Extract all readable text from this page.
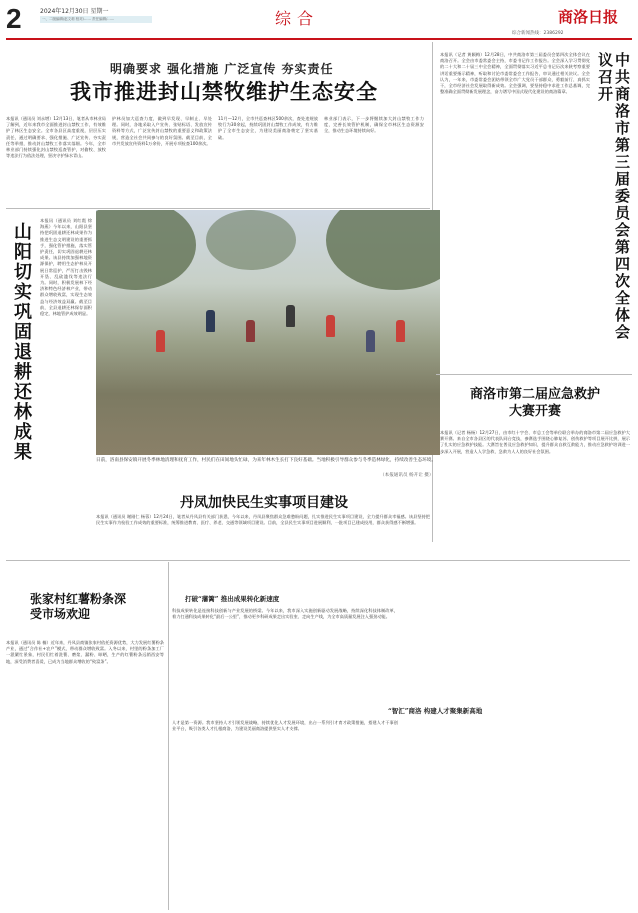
2	2024年12月30日 星期一
一、二版编辑/赵文莉 校对/…… 责任编辑/……	综合	商洛日报
综合新闻热线：2386292
明确要求 强化措施 广泛宣传 夯实责任
我市推进封山禁牧维护生态安全
本报讯（通讯员 刘永增）12月13日，笔者从市林业局了解到，近年来我市全面推进封山禁牧工作，有效维护了林区生态安全。全市各县区高度重视，层层压实责任，通过明确要求、强化措施、广泛宣传、夯实责任等举措，推动封山禁牧工作落实落细。今年，全市林业部门持续强化封山禁牧巡查管护，对偷牧、放牧等违法行为依法处理，坚决守护绿水青山。
护林员加大巡查力度，做到早发现、早制止、早处理。同时，各地采取入户宣传、张贴标语、发放宣传资料等方式，广泛宣传封山禁牧的重要意义和政策法规，营造全社会共同参与的良好氛围。截至目前，全市共发放宣传资料1万余份，开展专项检查100余次。
11月—12月，全市共巡查林区500余次，查处违规放牧行为30余起，持续巩固封山禁牧工作成效，有力维护了全市生态安全，为建设美丽商洛奠定了坚实基础。
林业部门表示，下一步将继续加大封山禁牧工作力度，完善长效管护机制，确保全市林区生态资源安全，推动生态环境持续向好。
山阳切实巩固退耕还林成果
本报讯（通讯员 刘红霞 徐海燕）今年以来，山阳县坚持把巩固退耕还林成果作为推进生态文明建设的重要抓手，强化管护措施，落实管护责任，切实巩固退耕还林成果。该县持续加强林地资源保护，聘用生态护林员开展日常巡护，严厉打击毁林开垦、乱砍滥伐等违法行为。同时，积极发展林下经济和特色经济林产业，带动群众增收致富，实现生态效益与经济效益双赢。截至目前，全县退耕还林保存面积稳定，林地管护成效明显。
日前，洛南县保安镇开展冬季林地清理和抚育工作，村民们在田间地头忙碌，为来年林木生长打下良好基础。当地积极引导群众参与冬季造林绿化，持续改善生态环境。
（本报通讯员 杨开让 摄）
丹凤加快民生实事项目建设
本报讯（通讯员 谢刚仁 杨蓉）12月24日，笔者从丹凤县有关部门获悉，今年以来，丹凤县聚焦群众急难愁盼问题，扎实推进民生实事项目建设，全力提升群众幸福感。该县坚持把民生实事作为检验工作成效的重要标准，统筹推进教育、医疗、养老、交通等领域项目建设。目前，全县民生实事项目进展顺利，一批项目已建成投用，群众获得感不断增强。
张家村红薯粉条深受市场欢迎
本报讯（通讯员 陈 楠）近年来，丹凤县商镇张家村依托资源优势，大力发展红薯粉条产业，通过“合作社+农户”模式，带动群众增收致富。入冬以来，村里的粉条加工厂一派繁忙景象，村民们忙着洗薯、磨浆、漏粉、晾晒，生产的红薯粉条远销西安等地，深受消费者喜爱，已成为当地群众增收的“致富条”。
打破“藩篱” 推出成果转化新速度
科技成果转化是连接科技创新与产业发展的桥梁。今年以来，我市深入实施创新驱动发展战略，持续深化科技体制改革，着力打通科技成果转化“最后一公里”，推动更多科研成果走出实验室、走向生产线，为全市高质量发展注入强劲动能。
“智汇”商洛 构建人才聚集新高地
人才是第一资源。我市坚持人才引领发展战略，持续优化人才发展环境，出台一系列引才育才政策措施，搭建人才干事创业平台，吸引各类人才扎根商洛，为建设美丽商洛提供坚实人才支撑。
中共商洛市第三届委员会第四次全体会议召开
本报讯（记者 黄颖梅）12月28日，中共商洛市第三届委员会第四次全体会议在商洛召开。全会由市委常委会主持，市委书记作工作报告。全会深入学习贯彻党的二十大和二十届三中全会精神，全面贯彻落实习近平总书记历次来陕考察重要讲话重要指示精神，听取和讨论市委常委会工作报告，审议通过相关决议。全会认为，一年来，市委常委会团结带领全市广大党员干部群众，勇毅前行、真抓实干，全市经济社会发展取得新成效。全会强调，要坚持稳中求进工作总基调，完整准确全面贯彻新发展理念，奋力谱写中国式现代化建设的商洛篇章。
商洛市第二届应急救护大赛开赛
本报讯（记者 杨杨）12月27日，由市红十字会、市总工会等单位联合举办的商洛市第二届应急救护大赛开赛。来自全市各县区的代表队同台竞技，参赛选手围绕心肺复苏、创伤救护等项目展开比拼，展示了扎实的应急救护技能。大赛旨在普及应急救护知识，提升群众自救互救能力，推动应急救护培训进一步深入开展，营造人人学急救、急救为人人的良好社会氛围。
